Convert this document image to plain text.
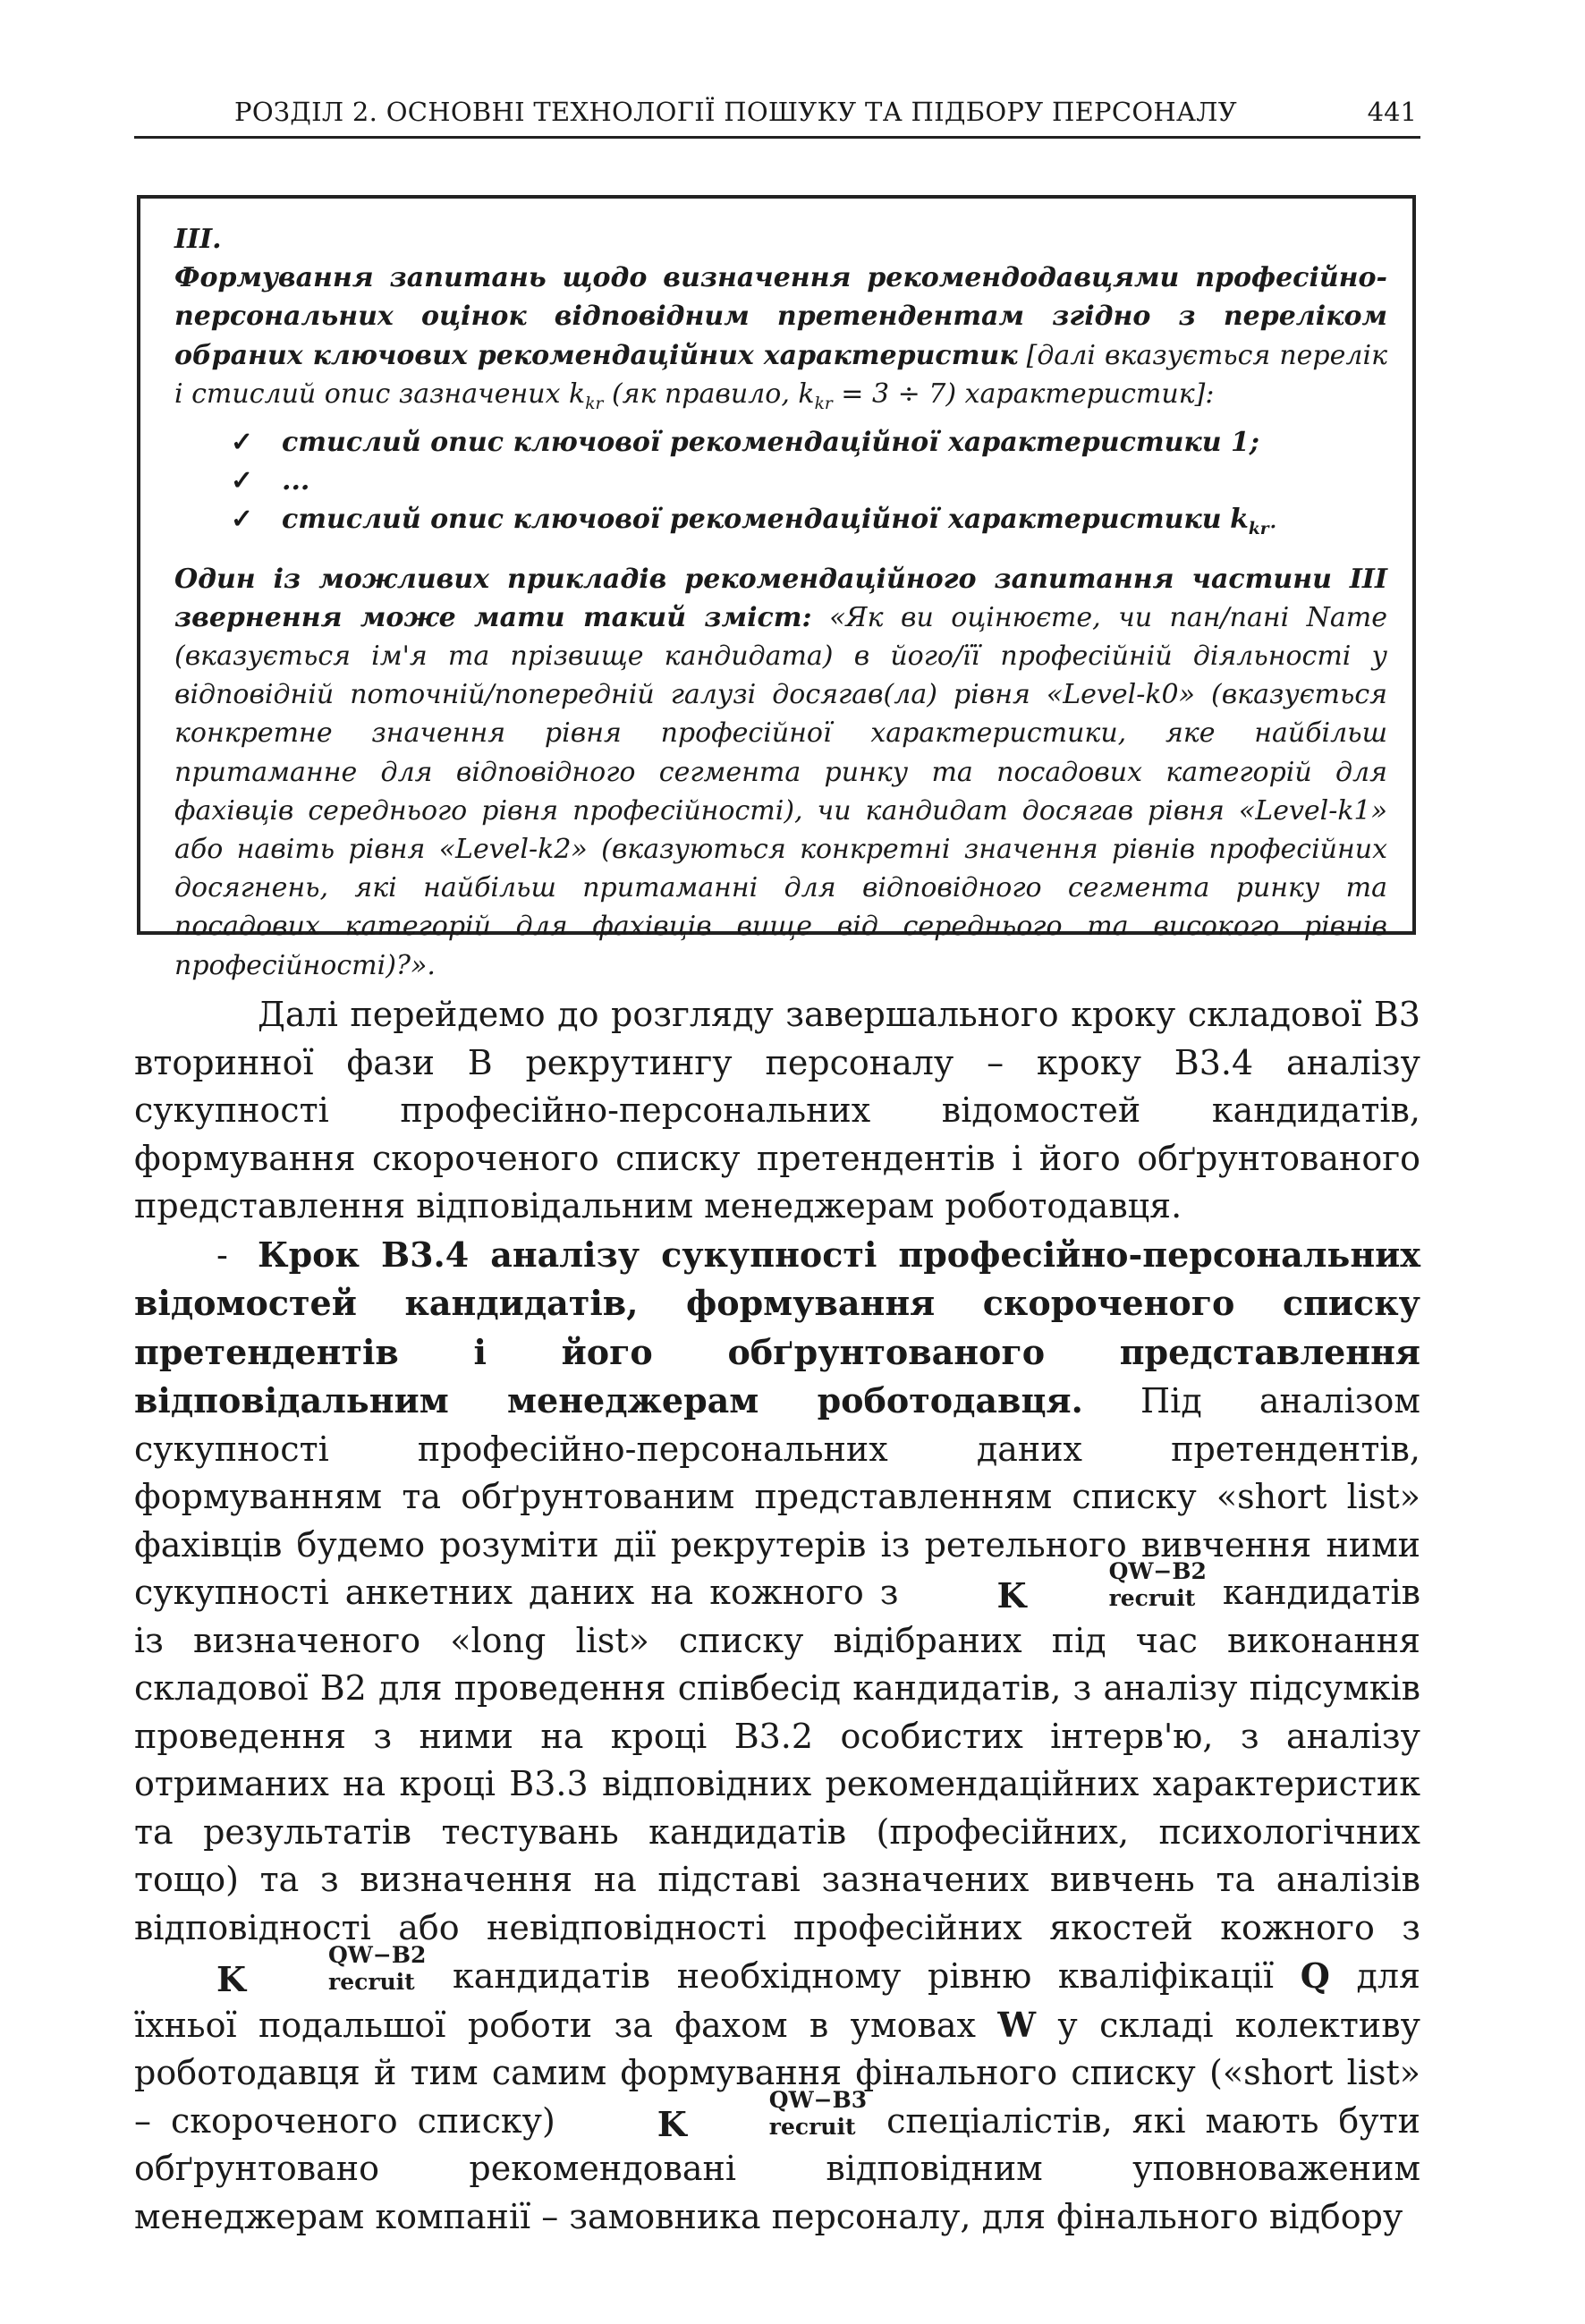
РОЗДІЛ 2. ОСНОВНІ ТЕХНОЛОГІЇ ПОШУКУ ТА ПІДБОРУ ПЕРСОНАЛУ	441

III.

Формування запитань щодо визначення рекомендодавцями професійно-персональних оцінок відповідним претендентам згідно з переліком обраних ключових рекомендаційних характеристик [далі вказується перелік і стислий опис зазначених $k_{kr}$ (як правило, $k_{kr} = 3 \div 7$) характеристик]:

✓	стислий опис ключової рекомендаційної характеристики 1;
✓	...
✓	стислий опис ключової рекомендаційної характеристики $k_{kr}$.

Один із можливих прикладів рекомендаційного запитання частини III звернення може мати такий зміст: «Як ви оцінюєте, чи пан/пані Name (вказується ім'я та прізвище кандидата) в його/її професійній діяльності у відповідній поточній/попередній галузі досягав(ла) рівня «Level-k0» (вказується конкретне значення рівня професійної характеристики, яке найбільш притаманне для відповідного сегмента ринку та посадових категорій для фахівців середнього рівня професійності), чи кандидат досягав рівня «Level-k1» або навіть рівня «Level-k2» (вказуються конкретні значення рівнів професійних досягнень, які найбільш притаманні для відповідного сегмента ринку та посадових категорій для фахівців вище від середнього та високого рівнів професійності)?».

Далі перейдемо до розгляду завершального кроку складової В3 вторинної фази В рекрутингу персоналу – кроку В3.4 аналізу сукупності професійно-персональних відомостей кандидатів, формування скороченого списку претендентів і його обґрунтованого представлення відповідальним менеджерам роботодавця.

- Крок В3.4 аналізу сукупності професійно-персональних відомостей кандидатів, формування скороченого списку претендентів і його обґрунтованого представлення відповідальним менеджерам роботодавця. Під аналізом сукупності професійно-персональних даних претендентів, формуванням та обґрунтованим представленням списку «short list» фахівців будемо розуміти дії рекрутерів із ретельного вивчення ними сукупності анкетних даних на кожного з	K
QW−B2
recruit кандидатів із визначеного «long list» списку відібраних під час виконання складової В2 для проведення співбесід кандидатів, з аналізу підсумків проведення з ними на кроці В3.2 особистих інтерв'ю, з аналізу отриманих на кроці В3.3 відповідних рекомендаційних характеристик та результатів тестувань кандидатів (професійних, психологічних тощо) та з визначення на підставі зазначених вивчень та аналізів відповідності або невідповідності професійних якостей кожного з K
QW−B2
recruit	кандидатів необхідному рівню кваліфікації Q для їхньої подальшої роботи за фахом в умовах W у складі колективу роботодавця й тим самим формування фінального списку («short list» – скороченого списку)	K
QW−B3
recruit спеціалістів, які мають бути обґрунтовано рекомендовані відповідним уповноваженим менеджерам компанії – замовника персоналу, для фінального відбору
